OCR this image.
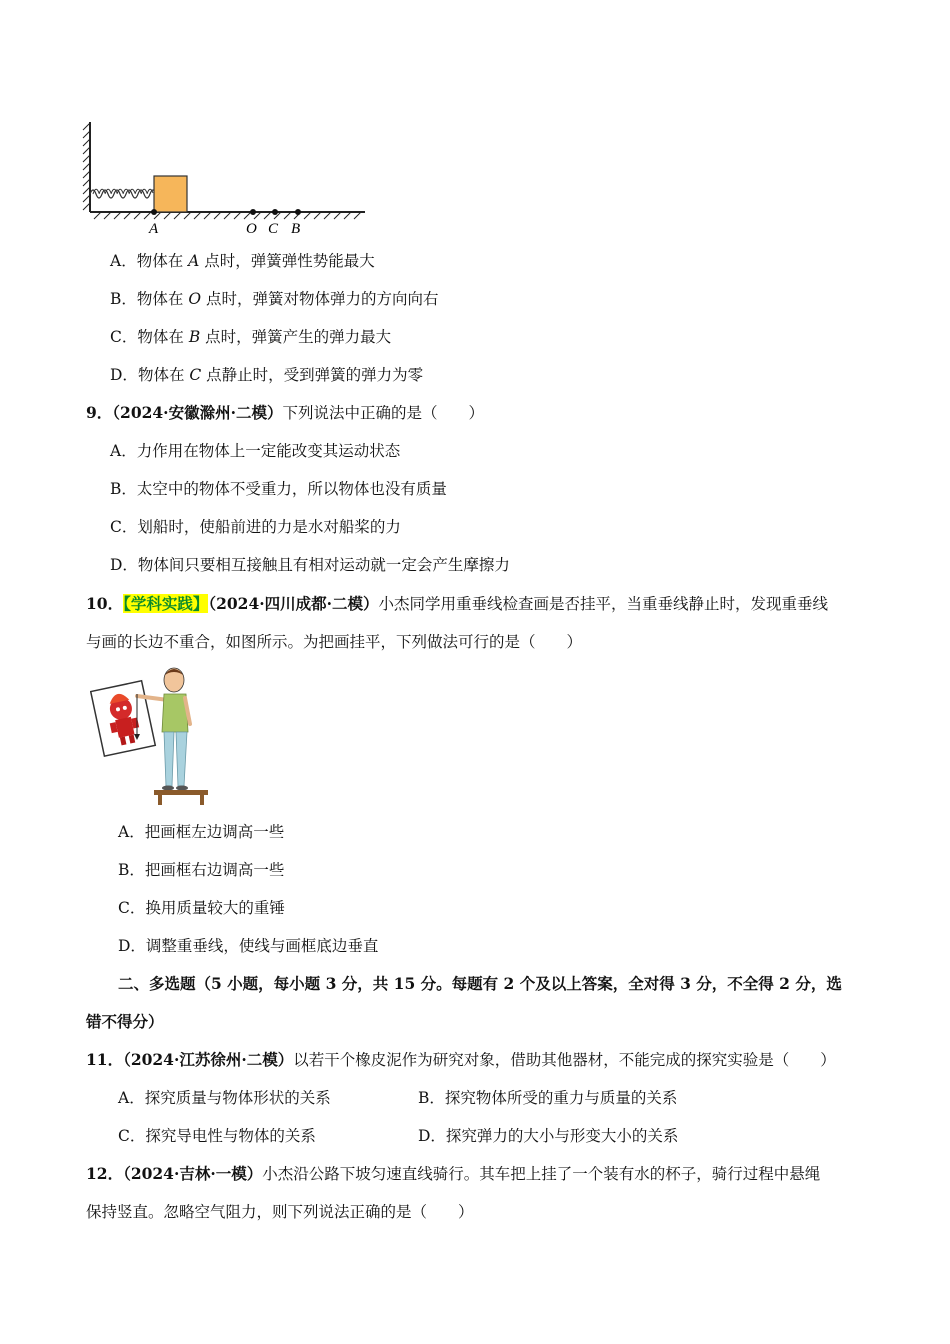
A	O C B
A．物体在 A 点时，弹簧弹性势能最大
B．物体在 O 点时，弹簧对物体弹力的方向向右
C．物体在 B 点时，弹簧产生的弹力最大
D．物体在 C 点静止时，受到弹簧的弹力为零
9．（2024·安徽滁州·二模）下列说法中正确的是（　　）
A．力作用在物体上一定能改变其运动状态
B．太空中的物体不受重力，所以物体也没有质量
C．划船时，使船前进的力是水对船桨的力
D．物体间只要相互接触且有相对运动就一定会产生摩擦力
10．【学科实践】（2024·四川成都·二模）小杰同学用重垂线检查画是否挂平，当重垂线静止时，发现重垂线
与画的长边不重合，如图所示。为把画挂平，下列做法可行的是（　　）
A．把画框左边调高一些
B．把画框右边调高一些
C．换用质量较大的重锤
D．调整重垂线，使线与画框底边垂直
二、多选题（5 小题，每小题 3 分，共 15 分。每题有 2 个及以上答案，全对得 3 分，不全得 2 分，选
错不得分）
11．（2024·江苏徐州·二模）以若干个橡皮泥作为研究对象，借助其他器材，不能完成的探究实验是（　　）
A．探究质量与物体形状的关系	B．探究物体所受的重力与质量的关系
C．探究导电性与物体的关系	D．探究弹力的大小与形变大小的关系
12．（2024·吉林·一模）小杰沿公路下坡匀速直线骑行。其车把上挂了一个装有水的杯子，骑行过程中悬绳
保持竖直。忽略空气阻力，则下列说法正确的是（　　）
